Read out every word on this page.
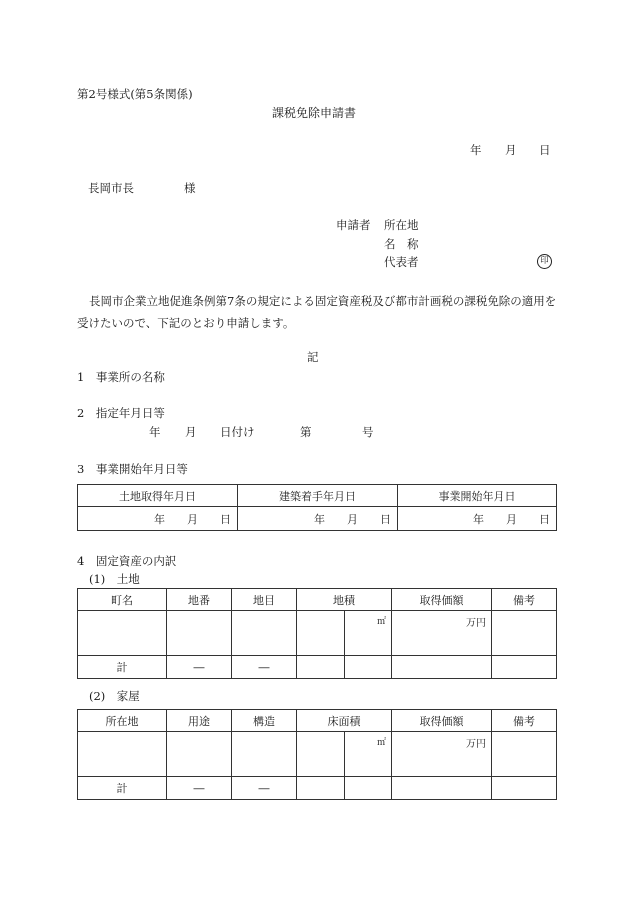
第2号様式(第5条関係)
課税免除申請書
年 月 日
長岡市長	様
申請者 所在地
名　称
代表者	印
長岡市企業立地促進条例第7条の規定による固定資産税及び都市計画税の課税免除の適用を受けたいので、下記のとおり申請します。
記
1　事業所の名称
2　指定年月日等
年 月 日付け	第	号
3　事業開始年月日等
土地取得年月日	建築着手年月日	事業開始年月日
年 月 日	年 月 日	年 月 日
4　固定資産の内訳
(1)　土地
町名	地番	地目	地積	取得価額	備考

			㎡	万円	
計	―	―	

(2)　家屋
所在地	用途	構造	床面積	取得価額	備考

			㎡	万円	
計	―	―	
